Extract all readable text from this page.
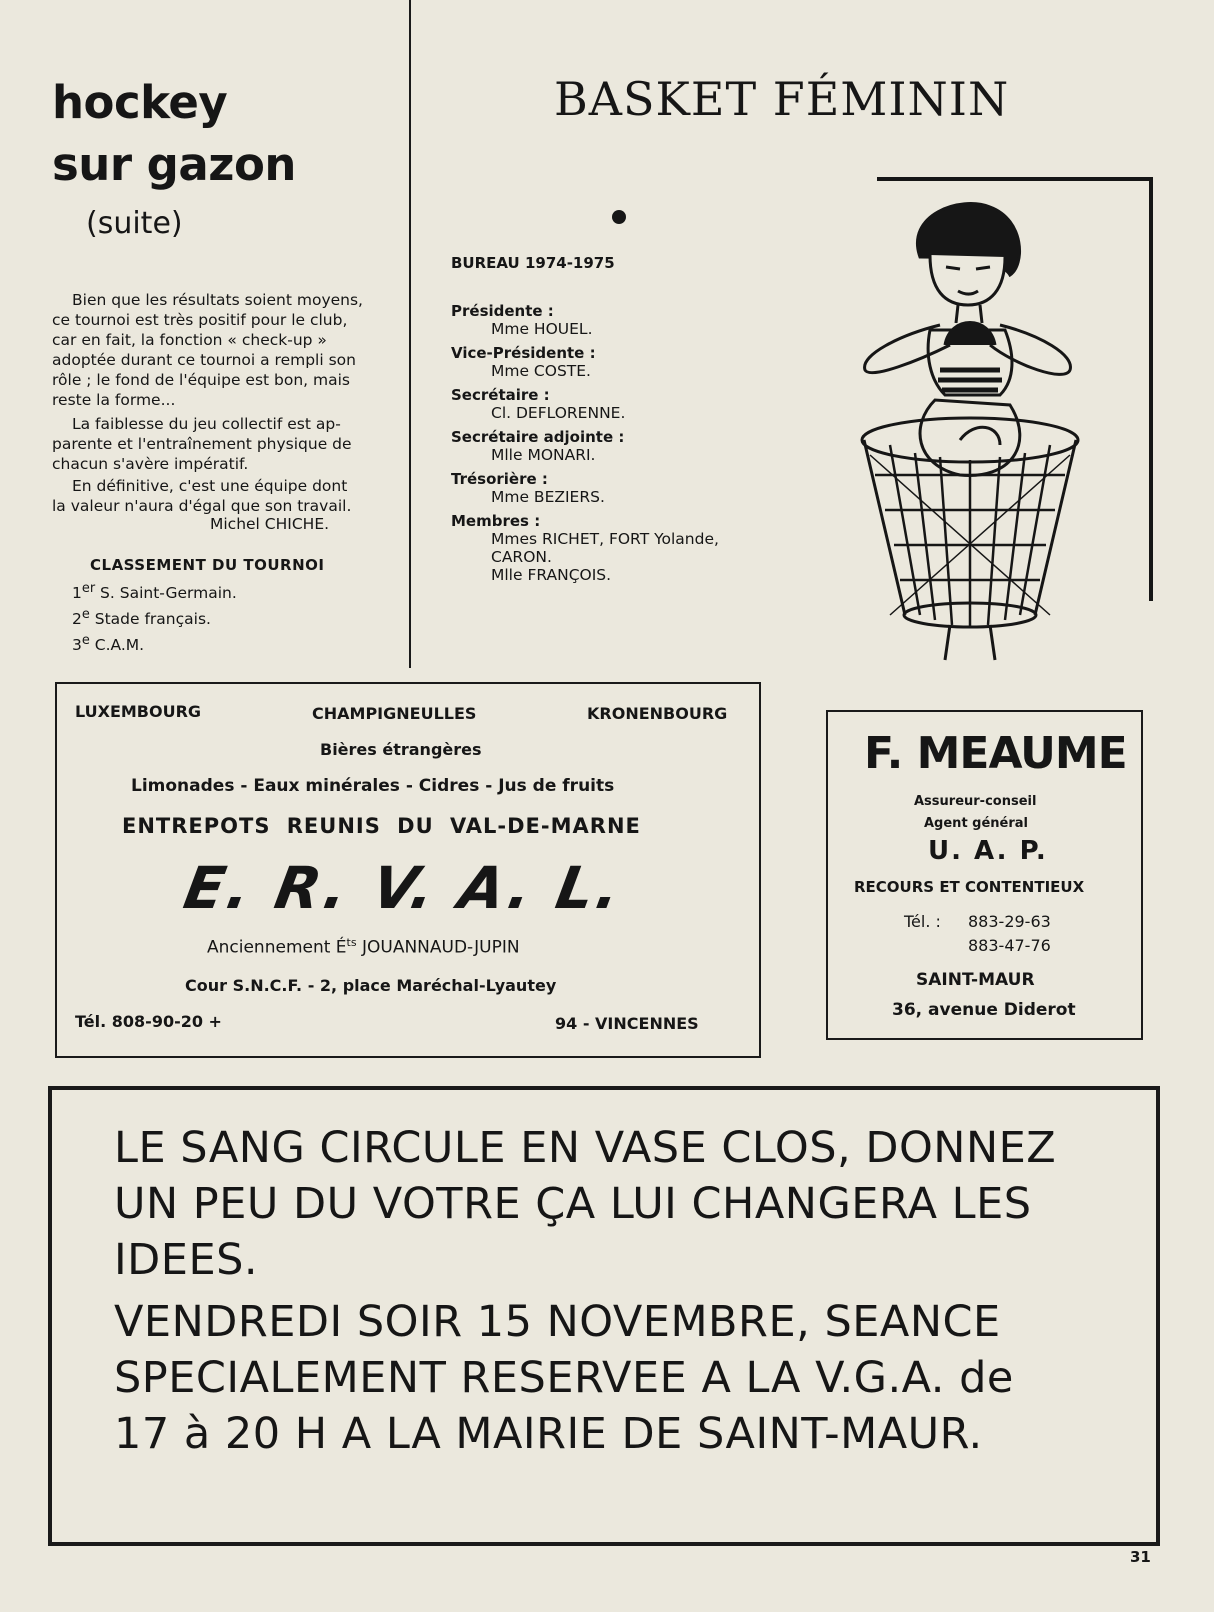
hockey
sur gazon
(suite)

Bien que les résultats soient moyens,

ce tournoi est très positif pour le club,

car en fait, la fonction « check-up »

adoptée durant ce tournoi a rempli son

rôle ; le fond de l'équipe est bon, mais

reste la forme...

La faiblesse du jeu collectif est ap-

parente et l'entraînement physique de

chacun s'avère impératif.

En définitive, c'est une équipe dont

la valeur n'aura d'égal que son travail.

Michel CHICHE.
CLASSEMENT DU TOURNOI
1er S. Saint-Germain.
2e Stade français.
3e C.A.M.
BASKET FÉMININ
BUREAU 1974-1975
Présidente :
Mme HOUEL.
Vice-Présidente :
Mme COSTE.
Secrétaire :
Cl. DEFLORENNE.
Secrétaire adjointe :
Mlle MONARI.
Trésorière :
Mme BEZIERS.
Membres :
Mmes RICHET, FORT Yolande,
CARON.
Mlle FRANÇOIS.
LUXEMBOURG	CHAMPIGNEULLES	KRONENBOURG
Bières étrangères
Limonades - Eaux minérales - Cidres - Jus de fruits
ENTREPOTS REUNIS DU VAL-DE-MARNE
E. R. V. A. L.
Anciennement $É^{ts}$ JOUANNAUD-JUPIN
Cour S.N.C.F. - 2, place Maréchal-Lyautey
Tél. 808-90-20 +	94 - VINCENNES
F. MEAUME
Assureur-conseil
Agent général
U. A. P.
RECOURS ET CONTENTIEUX
Tél. : 883-29-63
883-47-76
SAINT-MAUR
36, avenue Diderot
LE SANG CIRCULE EN VASE CLOS, DONNEZ
UN PEU DU VOTRE ÇA LUI CHANGERA LES
IDEES.
VENDREDI SOIR 15 NOVEMBRE, SEANCE
SPECIALEMENT RESERVEE A LA V.G.A. de
17 à 20 H A LA MAIRIE DE SAINT-MAUR.
31
